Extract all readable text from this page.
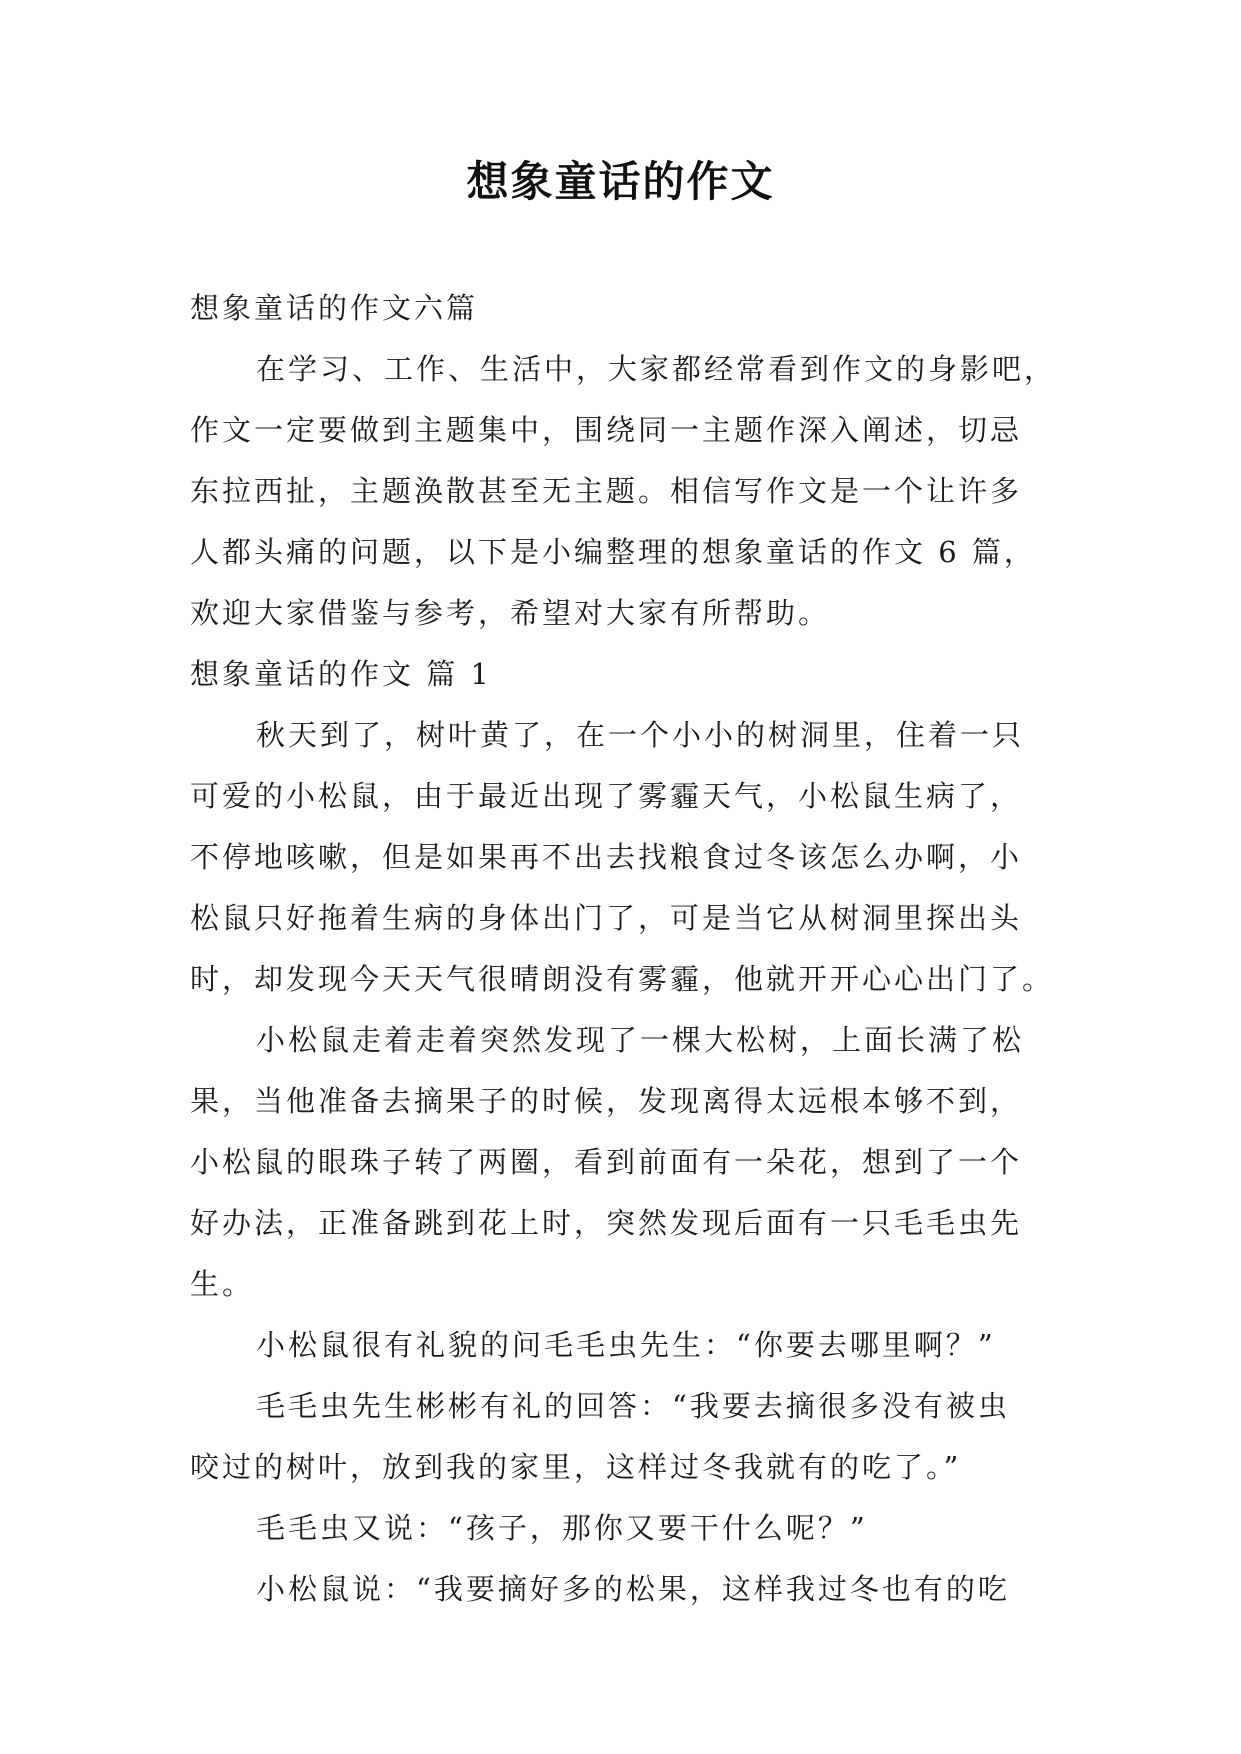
想象童话的作文
想象童话的作文六篇
在学习、工作、生活中，大家都经常看到作文的身影吧，
作文一定要做到主题集中，围绕同一主题作深入阐述，切忌
东拉西扯，主题涣散甚至无主题。相信写作文是一个让许多
人都头痛的问题，以下是小编整理的想象童话的作文 6 篇，
欢迎大家借鉴与参考，希望对大家有所帮助。
想象童话的作文 篇 1
秋天到了，树叶黄了，在一个小小的树洞里，住着一只
可爱的小松鼠，由于最近出现了雾霾天气，小松鼠生病了，
不停地咳嗽，但是如果再不出去找粮食过冬该怎么办啊，小
松鼠只好拖着生病的身体出门了，可是当它从树洞里探出头
时，却发现今天天气很晴朗没有雾霾，他就开开心心出门了。
小松鼠走着走着突然发现了一棵大松树，上面长满了松
果，当他准备去摘果子的时候，发现离得太远根本够不到，
小松鼠的眼珠子转了两圈，看到前面有一朵花，想到了一个
好办法，正准备跳到花上时，突然发现后面有一只毛毛虫先
生。
小松鼠很有礼貌的问毛毛虫先生：“你要去哪里啊？”
毛毛虫先生彬彬有礼的回答：“我要去摘很多没有被虫
咬过的树叶，放到我的家里，这样过冬我就有的吃了。”
毛毛虫又说：“孩子，那你又要干什么呢？”
小松鼠说：“我要摘好多的松果，这样我过冬也有的吃
